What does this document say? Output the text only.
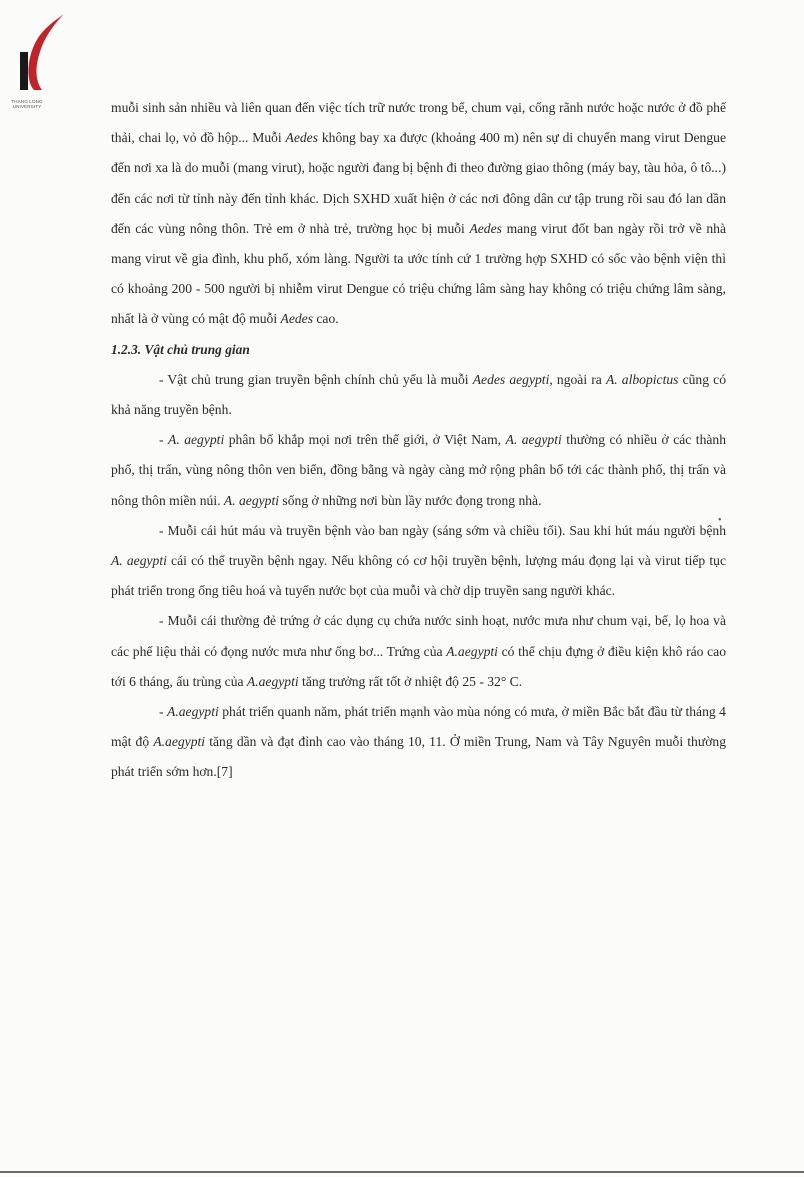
THANG LONG
UNIVERSITY	muỗi sinh sản nhiều và liên quan đến việc tích trữ nước trong bể, chum vại, cống rãnh nước hoặc nước ở đồ phế thải, chai lọ, vỏ đồ hộp... Muỗi Aedes không bay xa được (khoảng 400 m) nên sự di chuyển mang virut Dengue đến nơi xa là do muỗi (mang virut), hoặc người đang bị bệnh đi theo đường giao thông (máy bay, tàu hỏa, ô tô...) đến các nơi từ tỉnh này đến tỉnh khác. Dịch SXHD xuất hiện ở các nơi đông dân cư tập trung rồi sau đó lan dần đến các vùng nông thôn. Trẻ em ở nhà trẻ, trường học bị muỗi Aedes mang virut đốt ban ngày rồi trở về nhà mang virut về gia đình, khu phố, xóm làng. Người ta ước tính cứ 1 trường hợp SXHD có sốc vào bệnh viện thì có khoảng 200 - 500 người bị nhiễm virut Dengue có triệu chứng lâm sàng hay không có triệu chứng lâm sàng, nhất là ở vùng có mật độ muỗi Aedes cao.

1.2.3. Vật chủ trung gian

- Vật chủ trung gian truyền bệnh chính chủ yếu là muỗi Aedes aegypti, ngoài ra A. albopictus cũng có khả năng truyền bệnh.

- A. aegypti phân bố khắp mọi nơi trên thế giới, ở Việt Nam, A. aegypti thường có nhiều ở các thành phố, thị trấn, vùng nông thôn ven biển, đồng bằng và ngày càng mở rộng phân bố tới các thành phố, thị trấn và nông thôn miền núi. A. aegypti sống ở những nơi bùn lầy nước đọng trong nhà.

- Muỗi cái hút máu và truyền bệnh vào ban ngày (sáng sớm và chiều tối). Sau khi hút máu người bệnh A. aegypti cái có thể truyền bệnh ngay. Nếu không có cơ hội truyền bệnh, lượng máu đọng lại và virut tiếp tục phát triển trong ống tiêu hoá và tuyến nước bọt của muỗi và chờ dịp truyền sang người khác.

- Muỗi cái thường đẻ trứng ở các dụng cụ chứa nước sinh hoạt, nước mưa như chum vại, bể, lọ hoa và các phế liệu thải có đọng nước mưa như ống bơ... Trứng của A.aegypti có thể chịu đựng ở điều kiện khô ráo cao tới 6 tháng, ấu trùng của A.aegypti tăng trưởng rất tốt ở nhiệt độ 25 - 32° C.

- A.aegypti phát triển quanh năm, phát triển mạnh vào mùa nóng có mưa, ở miền Bắc bắt đầu từ tháng 4 mật độ A.aegypti tăng dần và đạt đỉnh cao vào tháng 10, 11. Ở miền Trung, Nam và Tây Nguyên muỗi thường phát triển sớm hơn.[7]

•
